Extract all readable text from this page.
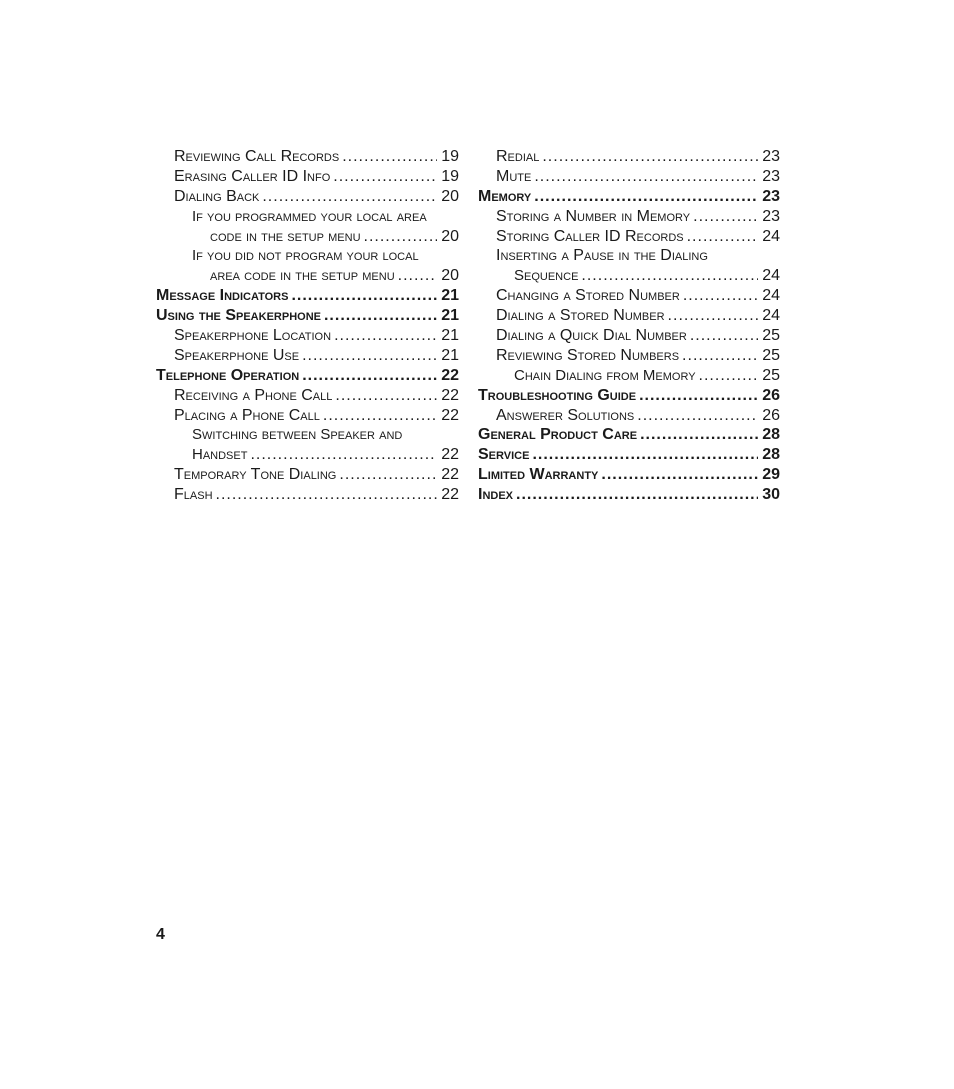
Reviewing Call Records .....	19
Erasing Caller ID Info .....	19
Dialing Back .....	20
If you programmed your local area
code in the setup menu .....	20
If you did not program your local
area code in the setup menu .....	20
Message Indicators .....	21
Using the Speakerphone .....	21
Speakerphone Location .....	21
Speakerphone Use .....	21
Telephone Operation .....	22
Receiving a Phone Call .....	22
Placing a Phone Call .....	22
Switching between Speaker and
Handset .....	22
Temporary Tone Dialing .....	22
Flash .....	22
Redial .....	23
Mute .....	23
Memory .....	23
Storing a Number in Memory .....	23
Storing Caller ID Records .....	24
Inserting a Pause in the Dialing
Sequence .....	24
Changing a Stored Number .....	24
Dialing a Stored Number .....	24
Dialing a Quick Dial Number .....	25
Reviewing Stored Numbers .....	25
Chain Dialing from Memory .....	25
Troubleshooting Guide .....	26
Answerer Solutions .....	26
General Product Care .....	28
Service .....	28
Limited Warranty .....	29
Index .....	30
4
